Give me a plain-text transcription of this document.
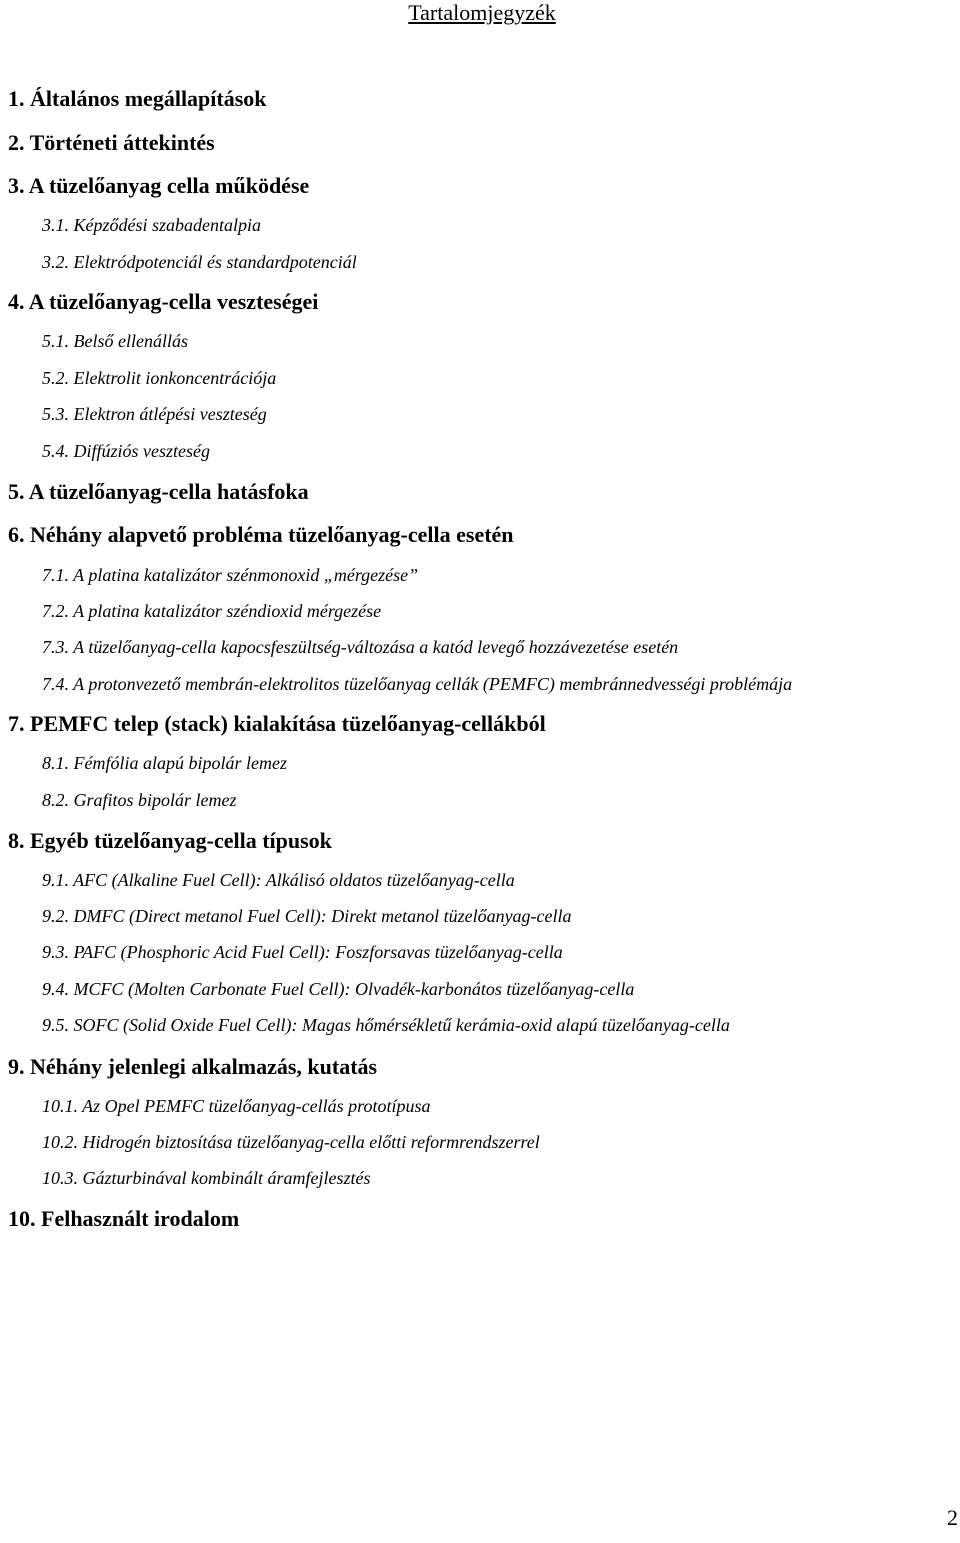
Tartalomjegyzék
1. Általános megállapítások
2. Történeti áttekintés
3. A tüzelőanyag cella működése
3.1. Képződési szabadentalpia
3.2. Elektródpotenciál és standardpotenciál
4. A tüzelőanyag-cella veszteségei
5.1. Belső ellenállás
5.2. Elektrolit ionkoncentrációja
5.3. Elektron átlépési veszteség
5.4. Diffúziós veszteség
5. A tüzelőanyag-cella hatásfoka
6. Néhány alapvető probléma tüzelőanyag-cella esetén
7.1. A platina katalizátor szénmonoxid „mérgezése”
7.2. A platina katalizátor széndioxid mérgezése
7.3. A tüzelőanyag-cella kapocsfeszültség-változása a katód levegő hozzávezetése esetén
7.4. A protonvezető membrán-elektrolitos tüzelőanyag cellák (PEMFC) membránnedvességi problémája
7. PEMFC telep (stack) kialakítása tüzelőanyag-cellákból
8.1. Fémfólia alapú bipolár lemez
8.2. Grafitos bipolár lemez
8. Egyéb tüzelőanyag-cella típusok
9.1. AFC (Alkaline Fuel Cell): Alkálisó oldatos tüzelőanyag-cella
9.2. DMFC (Direct metanol Fuel Cell): Direkt metanol tüzelőanyag-cella
9.3. PAFC (Phosphoric Acid Fuel Cell): Foszforsavas tüzelőanyag-cella
9.4. MCFC (Molten Carbonate Fuel Cell): Olvadék-karbonátos tüzelőanyag-cella
9.5. SOFC (Solid Oxide Fuel Cell): Magas hőmérsékletű kerámia-oxid alapú tüzelőanyag-cella
9. Néhány jelenlegi alkalmazás, kutatás
10.1. Az Opel PEMFC tüzelőanyag-cellás prototípusa
10.2. Hidrogén biztosítása tüzelőanyag-cella előtti reformrendszerrel
10.3. Gázturbinával kombinált áramfejlesztés
10. Felhasznált irodalom
2
